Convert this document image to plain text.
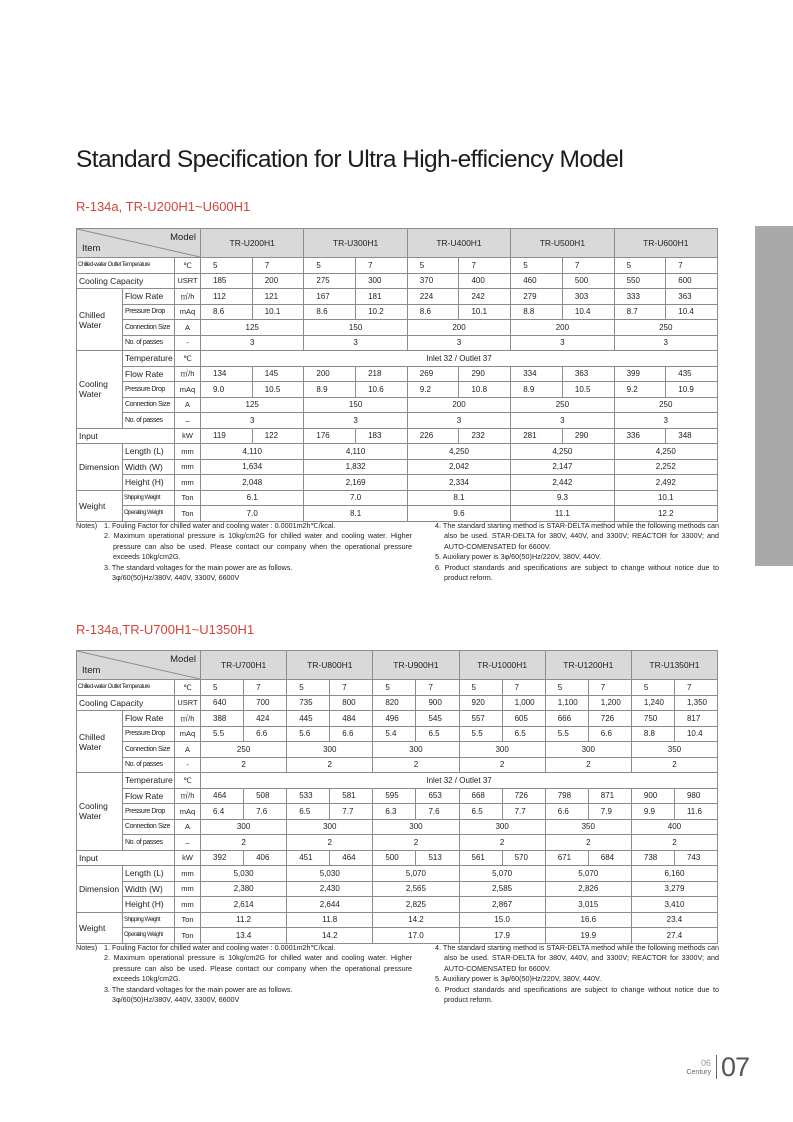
Standard Specification for Ultra High-efficiency Model
R-134a, TR-U200H1~U600H1
Item
Model			TR-U200H1		TR-U300H1		TR-U400H1		TR-U500H1		TR-U600H1	
Chilled-water Outlet Temperature		℃	5	7	5	7	5	7	5	7	5	7
Cooling Capacity		USRT	185	200	275	300	370	400	460	500	550	600
Chilled Water	Flow Rate	㎥/h	112	121	167	181	224	242	279	303	333	363
	Pressure Drop	mAq	8.6	10.1	8.6	10.2	8.6	10.1	8.8	10.4	8.7	10.4
	Connection Size	A	125		150		200		200		250	
	No. of passes	-	3		3		3		3		3	
Cooling Water	Temperature	℃	Inlet 32 / Outlet 37									
	Flow Rate	㎥/h	134	145	200	218	269	290	334	363	399	435
	Pressure Drop	mAq	9.0	10.5	8.9	10.6	9.2	10.8	8.9	10.5	9.2	10.9
	Connection Size	A	125		150		200		250		250	
	No. of passes	–	3		3		3		3		3	
Input		kW	119	122	176	183	226	232	281	290	336	348
Dimension	Length (L)	mm	4,110		4,110		4,250		4,250		4,250	
	Width (W)	mm	1,634		1,832		2,042		2,147		2,252	
	Height (H)	mm	2,048		2,169		2,334		2,442		2,492	
Weight	Shipping Weight	Ton	6.1		7.0		8.1		9.3		10.1	
	Operating Weight	Ton	7.0		8.1		9.6		11.1		12.2	
Notes) 1. Fouling Factor for chilled water and cooling water : 0.0001m2h℃/kcal.

2. Maximum operational pressure is 10kg/cm2G for chilled water and cooling water. Higher pressure can also be used. Please contact our company when the operational pressure exceeds 10kg/cm2G.

3. The standard voltages for the main power are as follows.

3φ/60(50)Hz/380V, 440V, 3300V, 6600V

4. The standard starting method is STAR-DELTA method while the following methods can also be used. STAR-DELTA for 380V, 440V, and 3300V; REACTOR for 3300V; and AUTO-COMENSATED for 6600V.

5. Auxiliary power is 3φ/60(50)Hz/220V, 380V, 440V.

6. Product standards and specifications are subject to change without notice due to product reform.

R-134a,TR-U700H1~U1350H1
Item
Model			TR-U700H1		TR-U800H1		TR-U900H1		TR-U1000H1		TR-U1200H1		TR-U1350H1	
Chilled-water Outlet Temperature		℃	5	7	5	7	5	7	5	7	5	7	5	7
Cooling Capacity		USRT	640	700	735	800	820	900	920	1,000	1,100	1,200	1,240	1,350
Chilled Water	Flow Rate	㎥/h	388	424	445	484	496	545	557	605	666	726	750	817
	Pressure Drop	mAq	5.5	6.6	5.6	6.6	5.4	6.5	5.5	6.5	5.5	6.6	8.8	10.4
	Connection Size	A	250		300		300		300		300		350	
	No. of passes	-	2		2		2		2		2		2	
Cooling Water	Temperature	℃	Inlet 32 / Outlet 37											
	Flow Rate	㎥/h	464	508	533	581	595	653	668	726	798	871	900	980
	Pressure Drop	mAq	6.4	7.6	6.5	7.7	6.3	7.6	6.5	7.7	6.6	7.9	9.9	11.6
	Connection Size	A	300		300		300		300		350		400	
	No. of passes	–	2		2		2		2		2		2	
Input		kW	392	406	451	464	500	513	561	570	671	684	738	743
Dimension	Length (L)	mm	5,030		5,030		5,070		5,070		5,070		6,160	
	Width (W)	mm	2,380		2,430		2,565		2,585		2,826		3,279	
	Height (H)	mm	2,614		2,644		2,825		2,867		3,015		3,410	
Weight	Shipping Weight	Ton	11.2		11.8		14.2		15.0		16.6		23.4	
	Operating Weight	Ton	13.4		14.2		17.0		17.9		19.9		27.4	
Notes) 1. Fouling Factor for chilled water and cooling water : 0.0001m2h℃/kcal.

2. Maximum operational pressure is 10kg/cm2G for chilled water and cooling water. Higher pressure can also be used. Please contact our company when the operational pressure exceeds 10kg/cm2G.

3. The standard voltages for the main power are as follows.

3φ/60(50)Hz/380V, 440V, 3300V, 6600V

4. The standard starting method is STAR-DELTA method while the following methods can also be used. STAR-DELTA for 380V, 440V, and 3300V; REACTOR for 3300V; and AUTO-COMENSATED for 6600V.

5. Auxiliary power is 3φ/60(50)Hz/220V, 380V, 440V.

6. Product standards and specifications are subject to change without notice due to product reform.

06
Century 07
